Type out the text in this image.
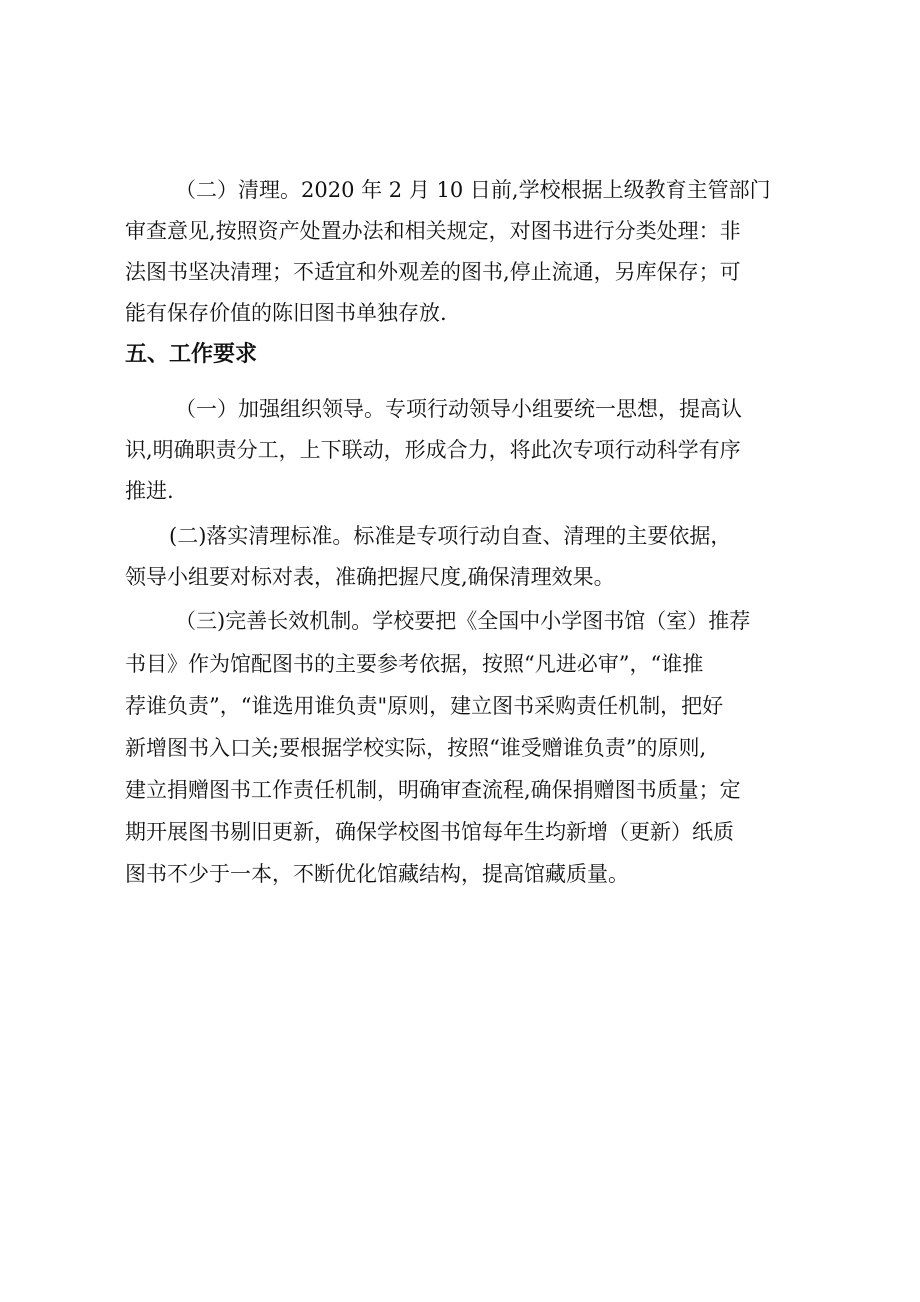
（二）清理。2020 年 2 月 10 日前,学校根据上级教育主管部门
审查意见,按照资产处置办法和相关规定，对图书进行分类处理：非
法图书坚决清理；不适宜和外观差的图书,停止流通，另库保存；可
能有保存价值的陈旧图书单独存放.
五、工作要求
（一）加强组织领导。专项行动领导小组要统一思想，提高认
识,明确职责分工，上下联动，形成合力，将此次专项行动科学有序
推进.
(二)落实清理标准。标准是专项行动自查、清理的主要依据，
领导小组要对标对表，准确把握尺度,确保清理效果。
（三)完善长效机制。学校要把《全国中小学图书馆（室）推荐
书目》作为馆配图书的主要参考依据，按照“凡进必审”，“谁推
荐谁负责”，“谁选用谁负责"原则，建立图书采购责任机制，把好
新增图书入口关;要根据学校实际，按照“谁受赠谁负责”的原则,
建立捐赠图书工作责任机制，明确审查流程,确保捐赠图书质量；定
期开展图书剔旧更新，确保学校图书馆每年生均新增（更新）纸质
图书不少于一本，不断优化馆藏结构，提高馆藏质量。
